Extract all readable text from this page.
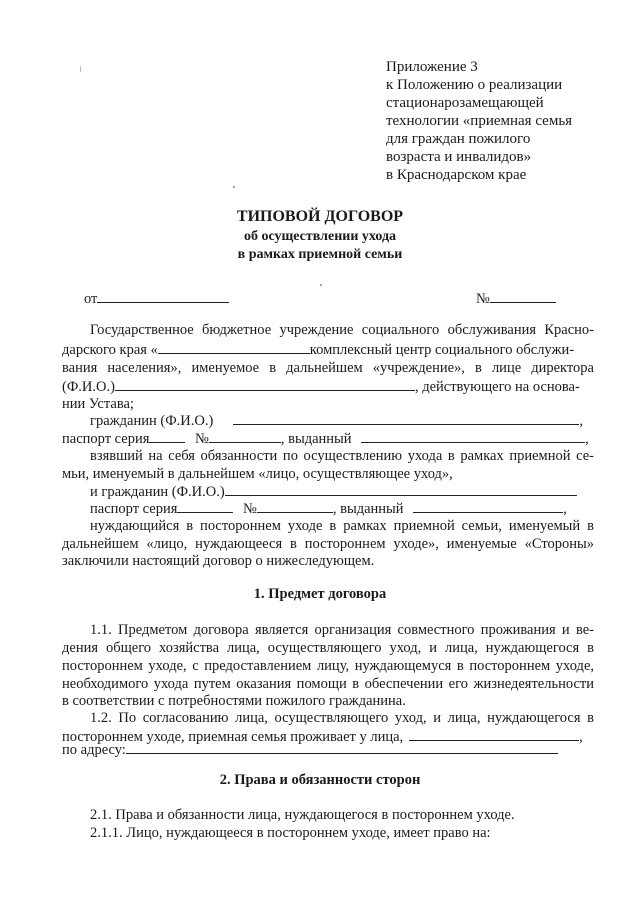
Приложение 3
к Положению о реализации
стационарозамещающей
технологии «приемная семья
для граждан пожилого
возраста и инвалидов»
в Краснодарском крае
ТИПОВОЙ ДОГОВОР
об осуществлении ухода
в рамках приемной семьи
от	№
Государственное бюджетное учреждение социального обслуживания Красно-
дарского края «	комплексный центр социального обслужи-
вания населения», именуемое в дальнейшем «учреждение», в лице директора
(Ф.И.О.)	, действующего на основа-
нии Устава;
гражданин (Ф.И.О.)	,
паспорт серия	№	, выданный	,
взявший на себя обязанности по осуществлению ухода в рамках приемной се-
мьи, именуемый в дальнейшем «лицо, осуществляющее уход»,
и гражданин (Ф.И.О.)
паспорт серия	№	, выданный	,
нуждающийся в постороннем уходе в рамках приемной семьи, именуемый в
дальнейшем «лицо, нуждающееся в постороннем уходе», именуемые «Стороны»
заключили настоящий договор о нижеследующем.
1. Предмет договора
1.1. Предметом договора является организация совместного проживания и ве-
дения общего хозяйства лица, осуществляющего уход, и лица, нуждающегося в
постороннем уходе, с предоставлением лицу, нуждающемуся в постороннем уходе,
необходимого ухода путем оказания помощи в обеспечении его жизнедеятельности
в соответствии с потребностями пожилого гражданина.
1.2. По согласованию лица, осуществляющего уход, и лица, нуждающегося в
постороннем уходе, приемная семья проживает у лица,	,
по адресу:
2. Права и обязанности сторон
2.1. Права и обязанности лица, нуждающегося в постороннем уходе.
2.1.1. Лицо, нуждающееся в постороннем уходе, имеет право на:
